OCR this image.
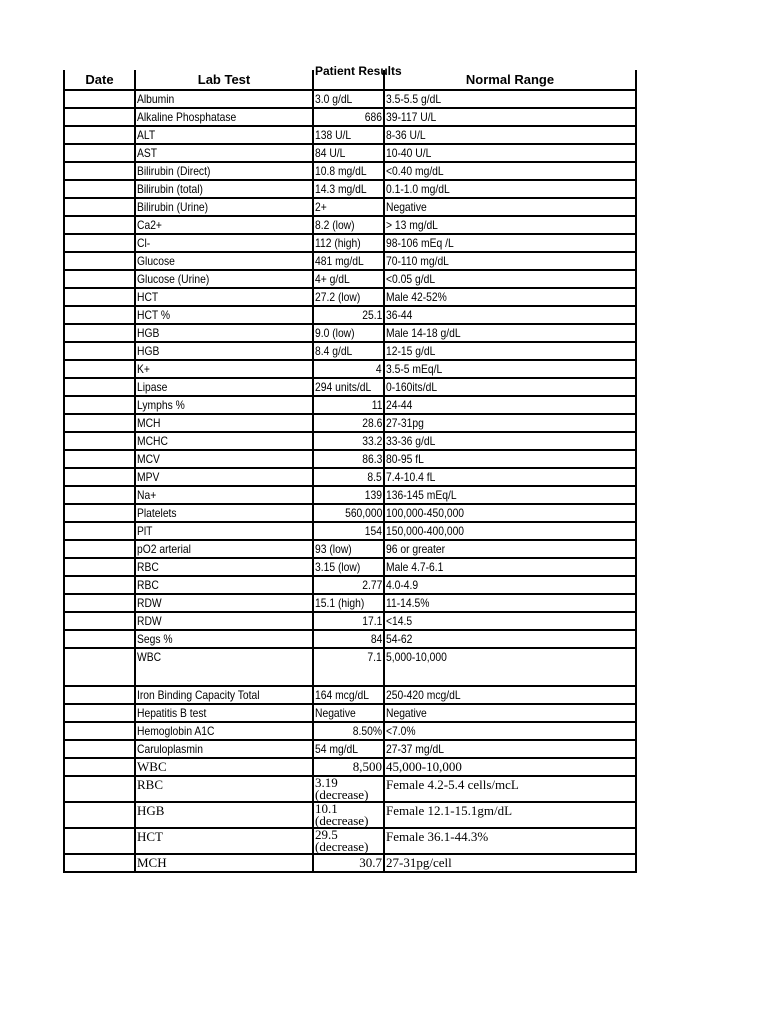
Date	Lab Test	Patient Results	Normal Range
	Albumin	3.0 g/dL	3.5-5.5 g/dL
	Alkaline Phosphatase	686	39-117 U/L
	ALT	138 U/L	8-36 U/L
	AST	84 U/L	10-40 U/L
	Bilirubin (Direct)	10.8 mg/dL	<0.40 mg/dL
	Bilirubin (total)	14.3 mg/dL	0.1-1.0 mg/dL
	Bilirubin (Urine)	2+	Negative
	Ca2+	8.2 (low)	> 13 mg/dL
	Cl-	112 (high)	98-106 mEq /L
	Glucose	481 mg/dL	70-110 mg/dL
	Glucose (Urine)	4+ g/dL	<0.05 g/dL
	HCT	27.2 (low)	Male 42-52%
	HCT %	25.1	36-44
	HGB	9.0 (low)	Male 14-18 g/dL
	HGB	8.4 g/dL	12-15 g/dL
	K+	4	3.5-5 mEq/L
	Lipase	294 units/dL	0-160its/dL
	Lymphs %	11	24-44
	MCH	28.6	27-31pg
	MCHC	33.2	33-36 g/dL
	MCV	86.3	80-95 fL
	MPV	8.5	7.4-10.4 fL
	Na+	139	136-145 mEq/L
	Platelets	560,000	100,000-450,000
	PlT	154	150,000-400,000
	pO2 arterial	93 (low)	96 or greater
	RBC	3.15 (low)	Male 4.7-6.1
	RBC	2.77	4.0-4.9
	RDW	15.1 (high)	11-14.5%
	RDW	17.1	<14.5
	Segs %	84	54-62
	WBC	7.1	5,000-10,000
	Iron Binding Capacity Total	164 mcg/dL	250-420 mcg/dL
	Hepatitis B test	Negative	Negative
	Hemoglobin A1C	8.50%	<7.0%
	Caruloplasmin	54 mg/dL	27-37 mg/dL
	WBC	8,500	45,000-10,000
	RBC	3.19 (decrease)	Female 4.2-5.4 cells/mcL
	HGB	10.1 (decrease)	Female 12.1-15.1gm/dL
	HCT	29.5 (decrease)	Female 36.1-44.3%
	MCH	30.7	27-31pg/cell
